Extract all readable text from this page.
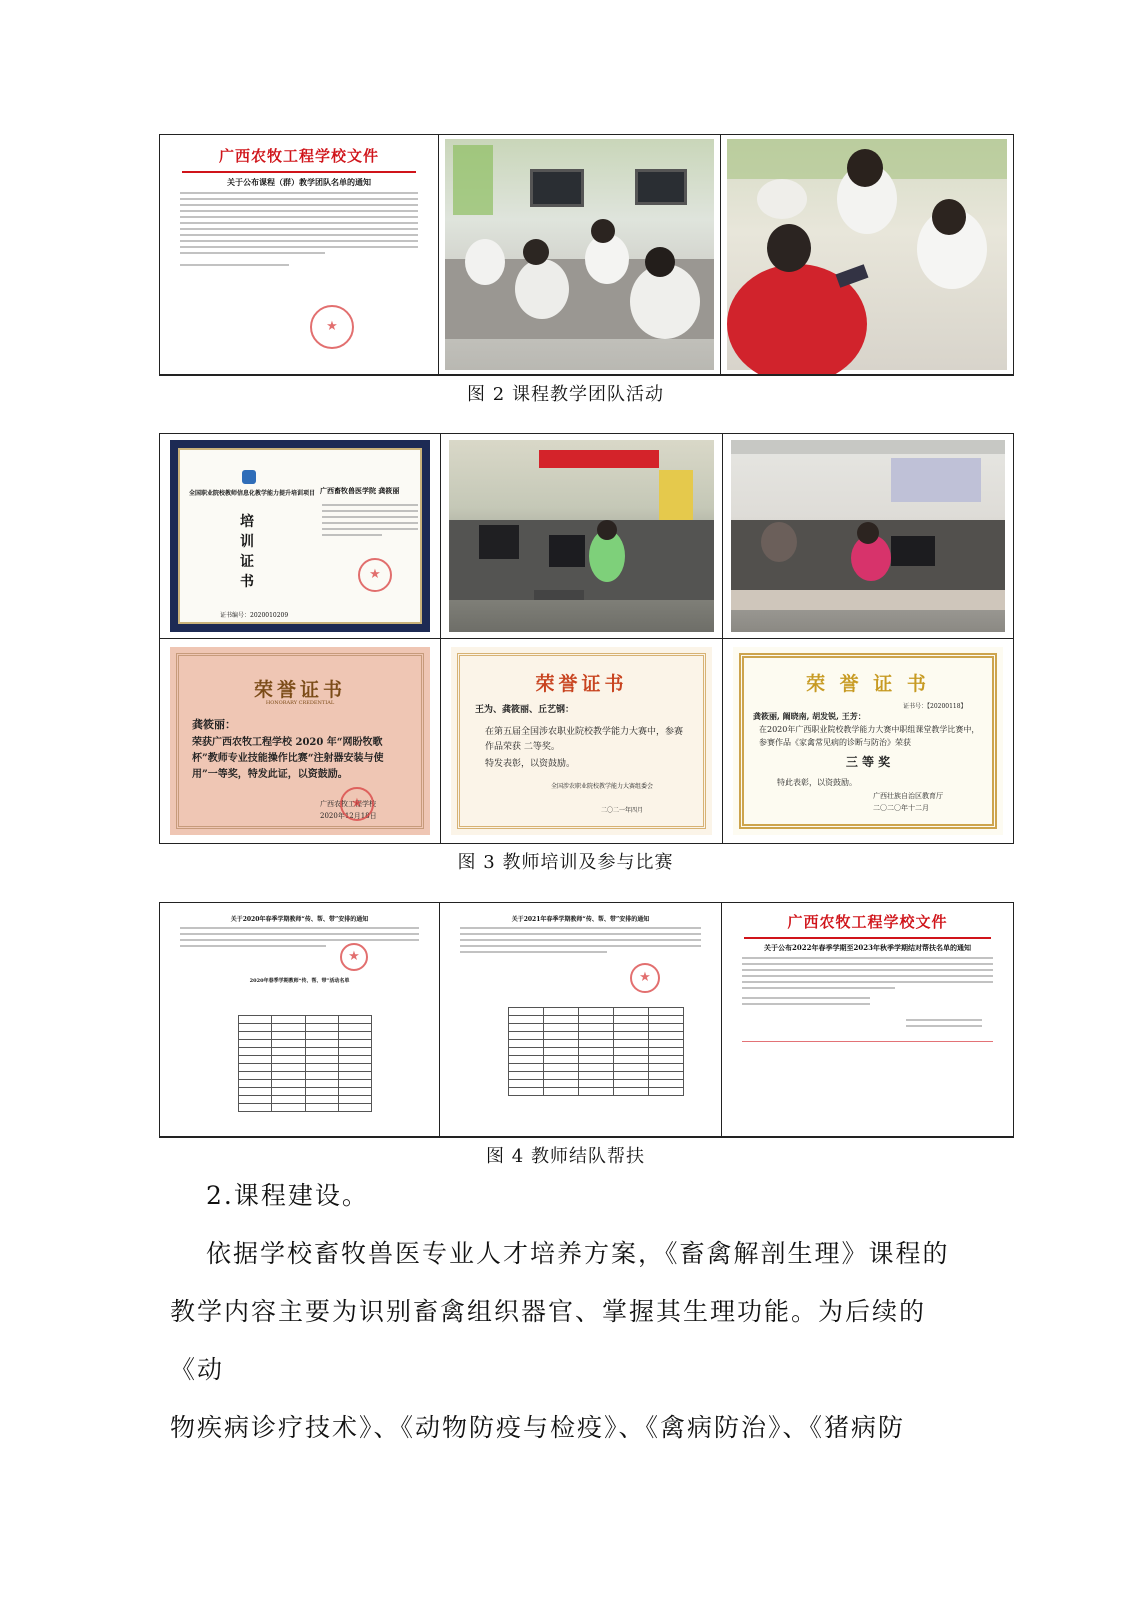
广西农牧工程学校文件
关于公布课程（群）教学团队名单的通知
★
图 2 课程教学团队活动
全国职业院校教师信息化教学能力提升培训项目
培
训
证
书
广西畜牧兽医学院 龚筱丽
★
证书编号：2020010209
荣誉证书
HONORARY CREDENTIAL
龚筱丽：
荣获广西农牧工程学校 2020 年“网盼牧歌杯”教师专业技能操作比赛“注射器安装与使用”一等奖，特发此证，以资鼓励。
广西农牧工程学校
2020年12月18日
★
荣誉证书
王为、龚筱丽、丘艺钢：
在第五届全国涉农职业院校教学能力大赛中，参赛作品荣获 二等奖。
特发表彰，以资鼓励。
全国涉农职业院校教学能力大赛组委会
二〇二一年四月
荣 誉 证 书
证书号：【20200118】
龚筱丽, 阚晓南, 胡发锐, 王芳：
在2020年广西职业院校教学能力大赛中职组课堂教学比赛中，参赛作品《家禽常见病的诊断与防治》荣获
三 等 奖
特此表彰，以资鼓励。
广西壮族自治区教育厅
二〇二〇年十二月
图 3 教师培训及参与比赛
关于2020年春季学期教师“传、帮、带”安排的通知
★
2020年春季学期教师“传、帮、带”活动名单

关于2021年春季学期教师“传、帮、带”安排的通知
★

					广西农牧工程学校文件
关于公布2022年春季学期至2023年秋季学期结对帮扶名单的通知
图 4 教师结队帮扶
2.课程建设。
依据学校畜牧兽医专业人才培养方案，《畜禽解剖生理》课程的
教学内容主要为识别畜禽组织器官、掌握其生理功能。为后续的《动
物疾病诊疗技术》、《动物防疫与检疫》、《禽病防治》、《猪病防
